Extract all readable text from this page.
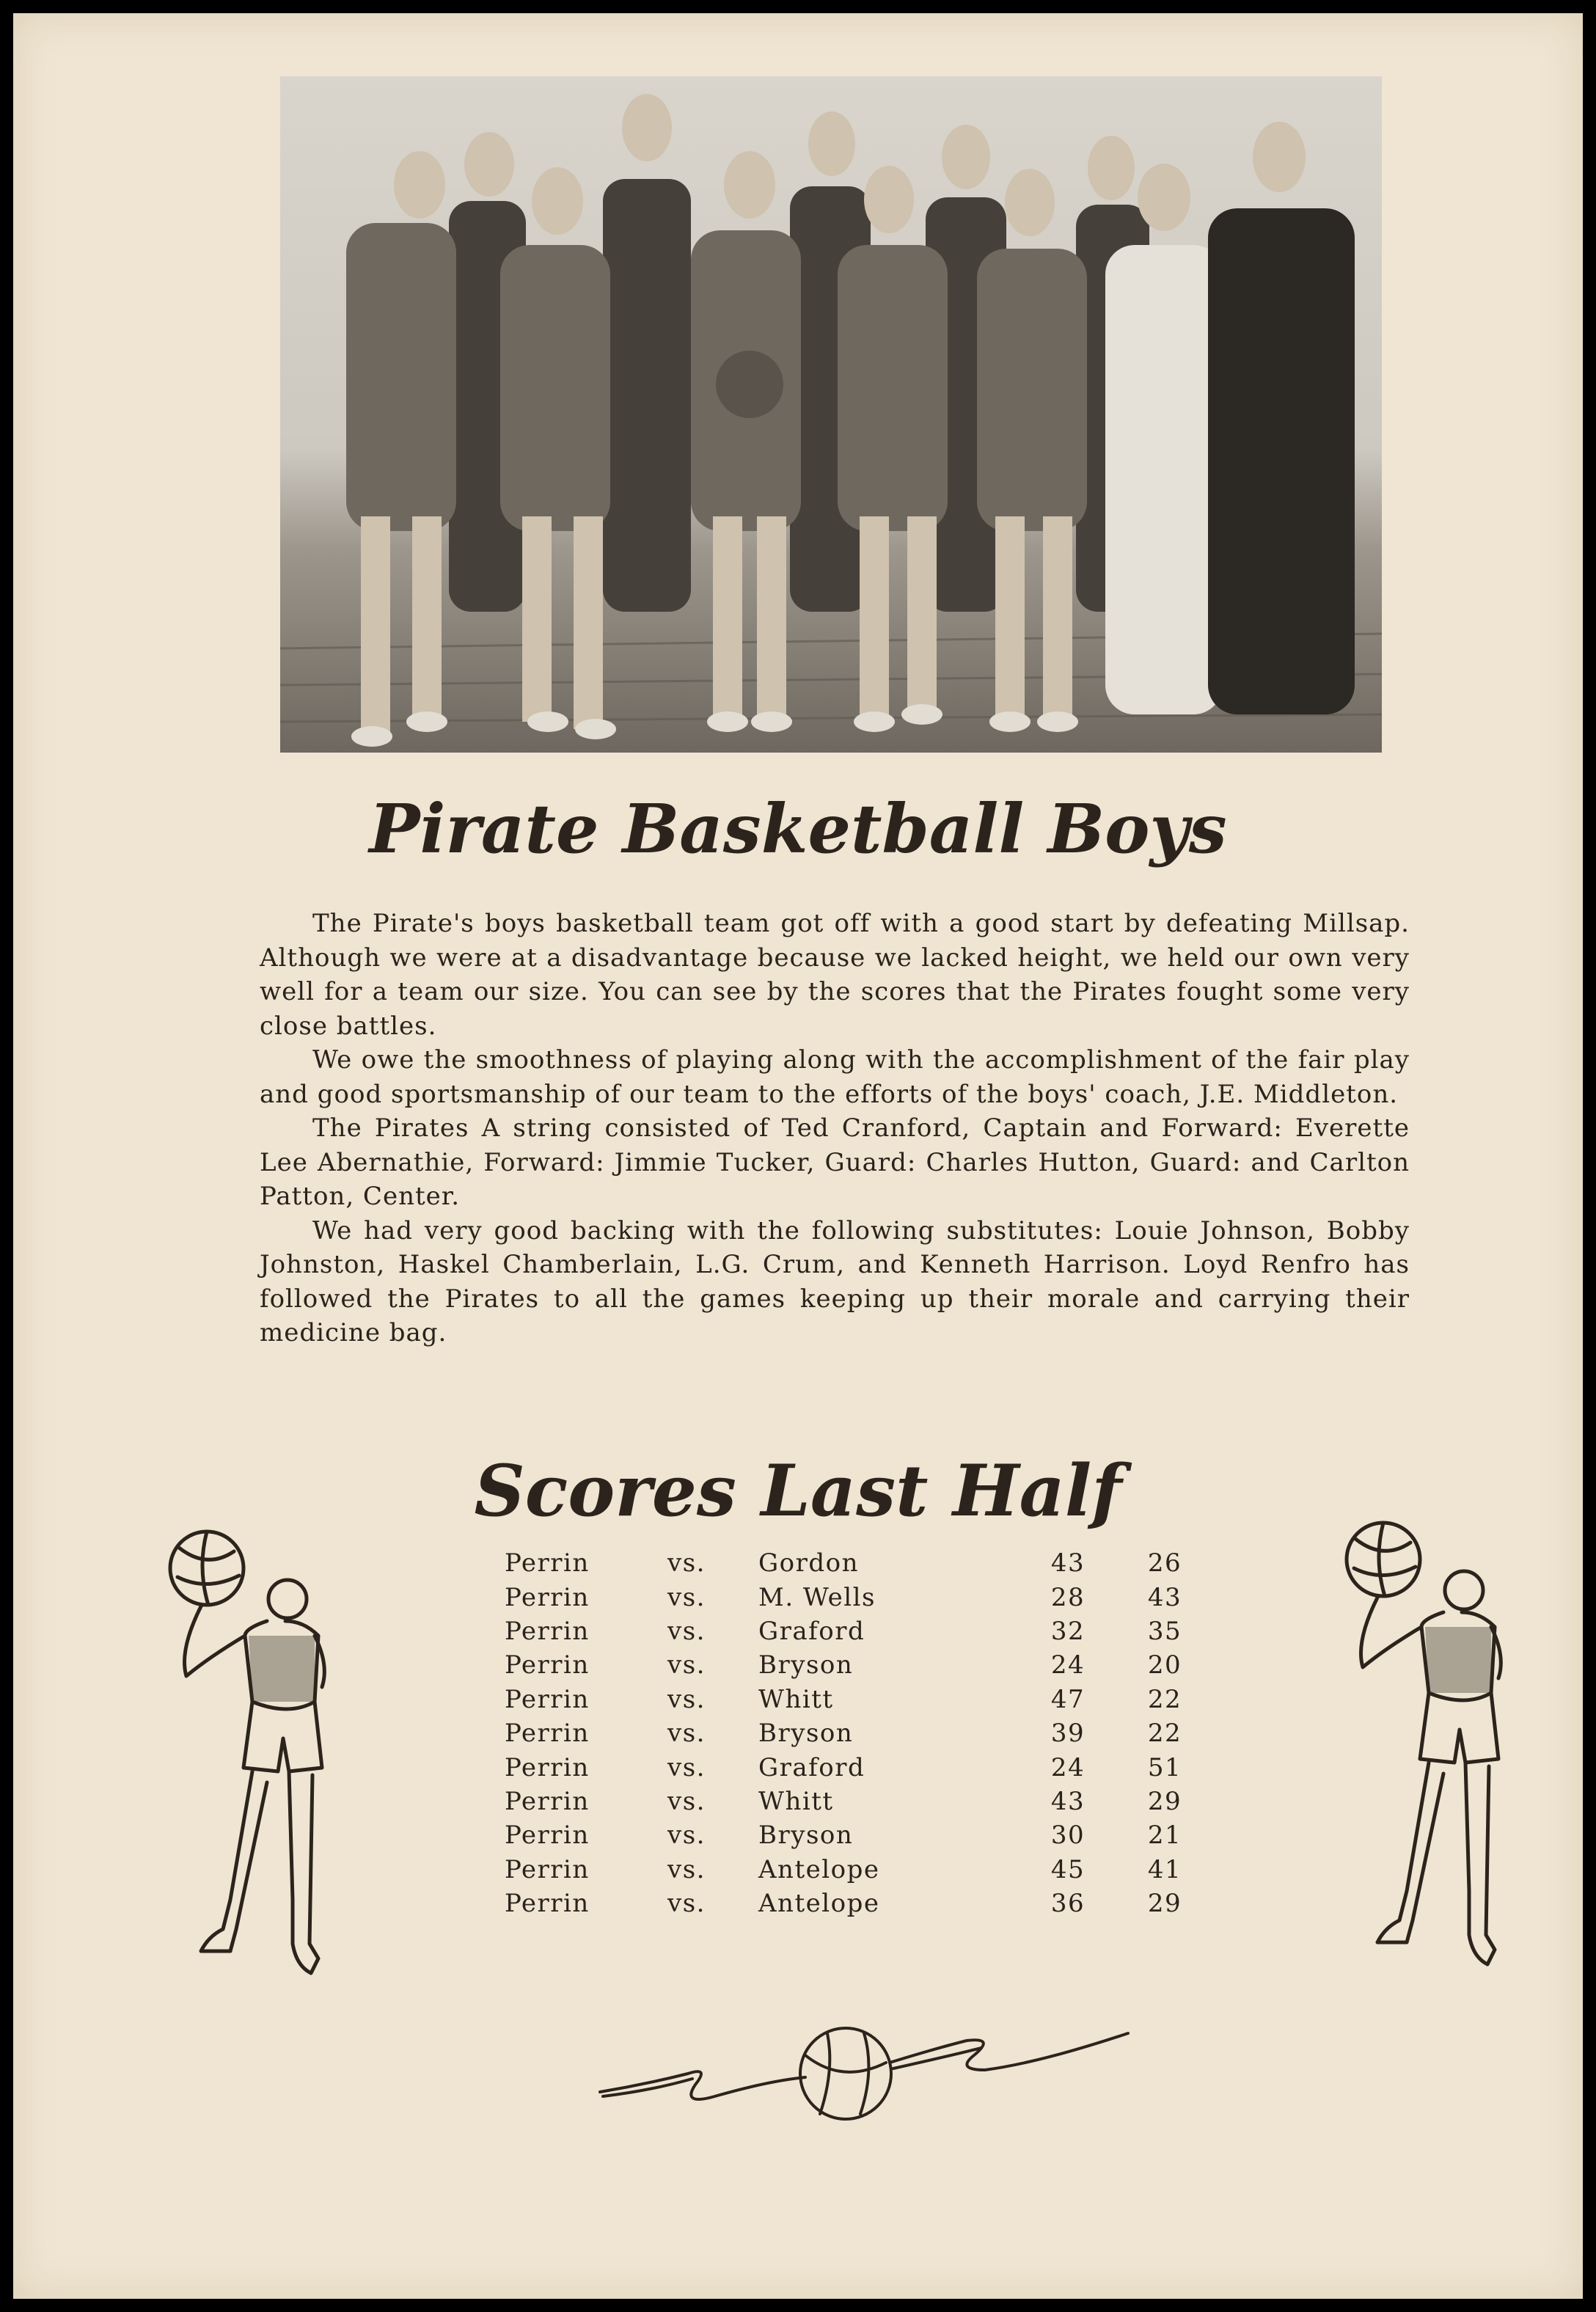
Pirate Basketball Boys

The Pirate's boys basketball team got off with a good start by defeating Millsap. Although we were at a disadvantage because we lacked height, we held our own very well for a team our size. You can see by the scores that the Pirates fought some very close battles.

We owe the smoothness of playing along with the accomplishment of the fair play and good sportsmanship of our team to the efforts of the boys' coach, J.E. Middleton.

The Pirates A string consisted of Ted Cranford, Captain and Forward: Everette Lee Abernathie, Forward: Jimmie Tucker, Guard: Charles Hutton, Guard: and Carlton Patton, Center.

We had very good backing with the following substitutes: Louie Johnson, Bobby Johnston, Haskel Chamberlain, L.G. Crum, and Kenneth Harrison. Loyd Renfro has followed the Pirates to all the games keeping up their morale and carrying their medicine bag.

Scores Last Half
Perrin	vs.	Gordon	43	26
Perrin	vs.	M. Wells	28	43
Perrin	vs.	Graford	32	35
Perrin	vs.	Bryson	24	20
Perrin	vs.	Whitt	47	22
Perrin	vs.	Bryson	39	22
Perrin	vs.	Graford	24	51
Perrin	vs.	Whitt	43	29
Perrin	vs.	Bryson	30	21
Perrin	vs.	Antelope	45	41
Perrin	vs.	Antelope	36	29
